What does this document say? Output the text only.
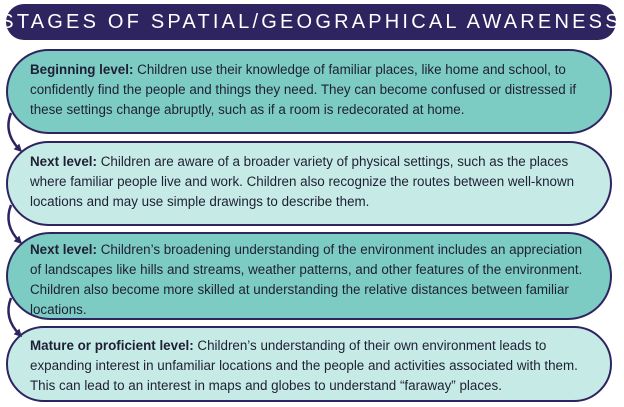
STAGES OF SPATIAL/GEOGRAPHICAL AWARENESS
Beginning level: Children use their knowledge of familiar places, like home and school, to confidently find the people and things they need. They can become confused or distressed if these settings change abruptly, such as if a room is redecorated at home.
Next level: Children are aware of a broader variety of physical settings, such as the places where familiar people live and work. Children also recognize the routes between well-known locations and may use simple drawings to describe them.
Next level: Children’s broadening understanding of the environment includes an appreciation of landscapes like hills and streams, weather patterns, and other features of the environment. Children also become more skilled at understanding the relative distances between familiar locations.
Mature or proficient level: Children’s understanding of their own environment leads to expanding interest in unfamiliar locations and the people and activities associated with them. This can lead to an interest in maps and globes to understand “faraway” places.
